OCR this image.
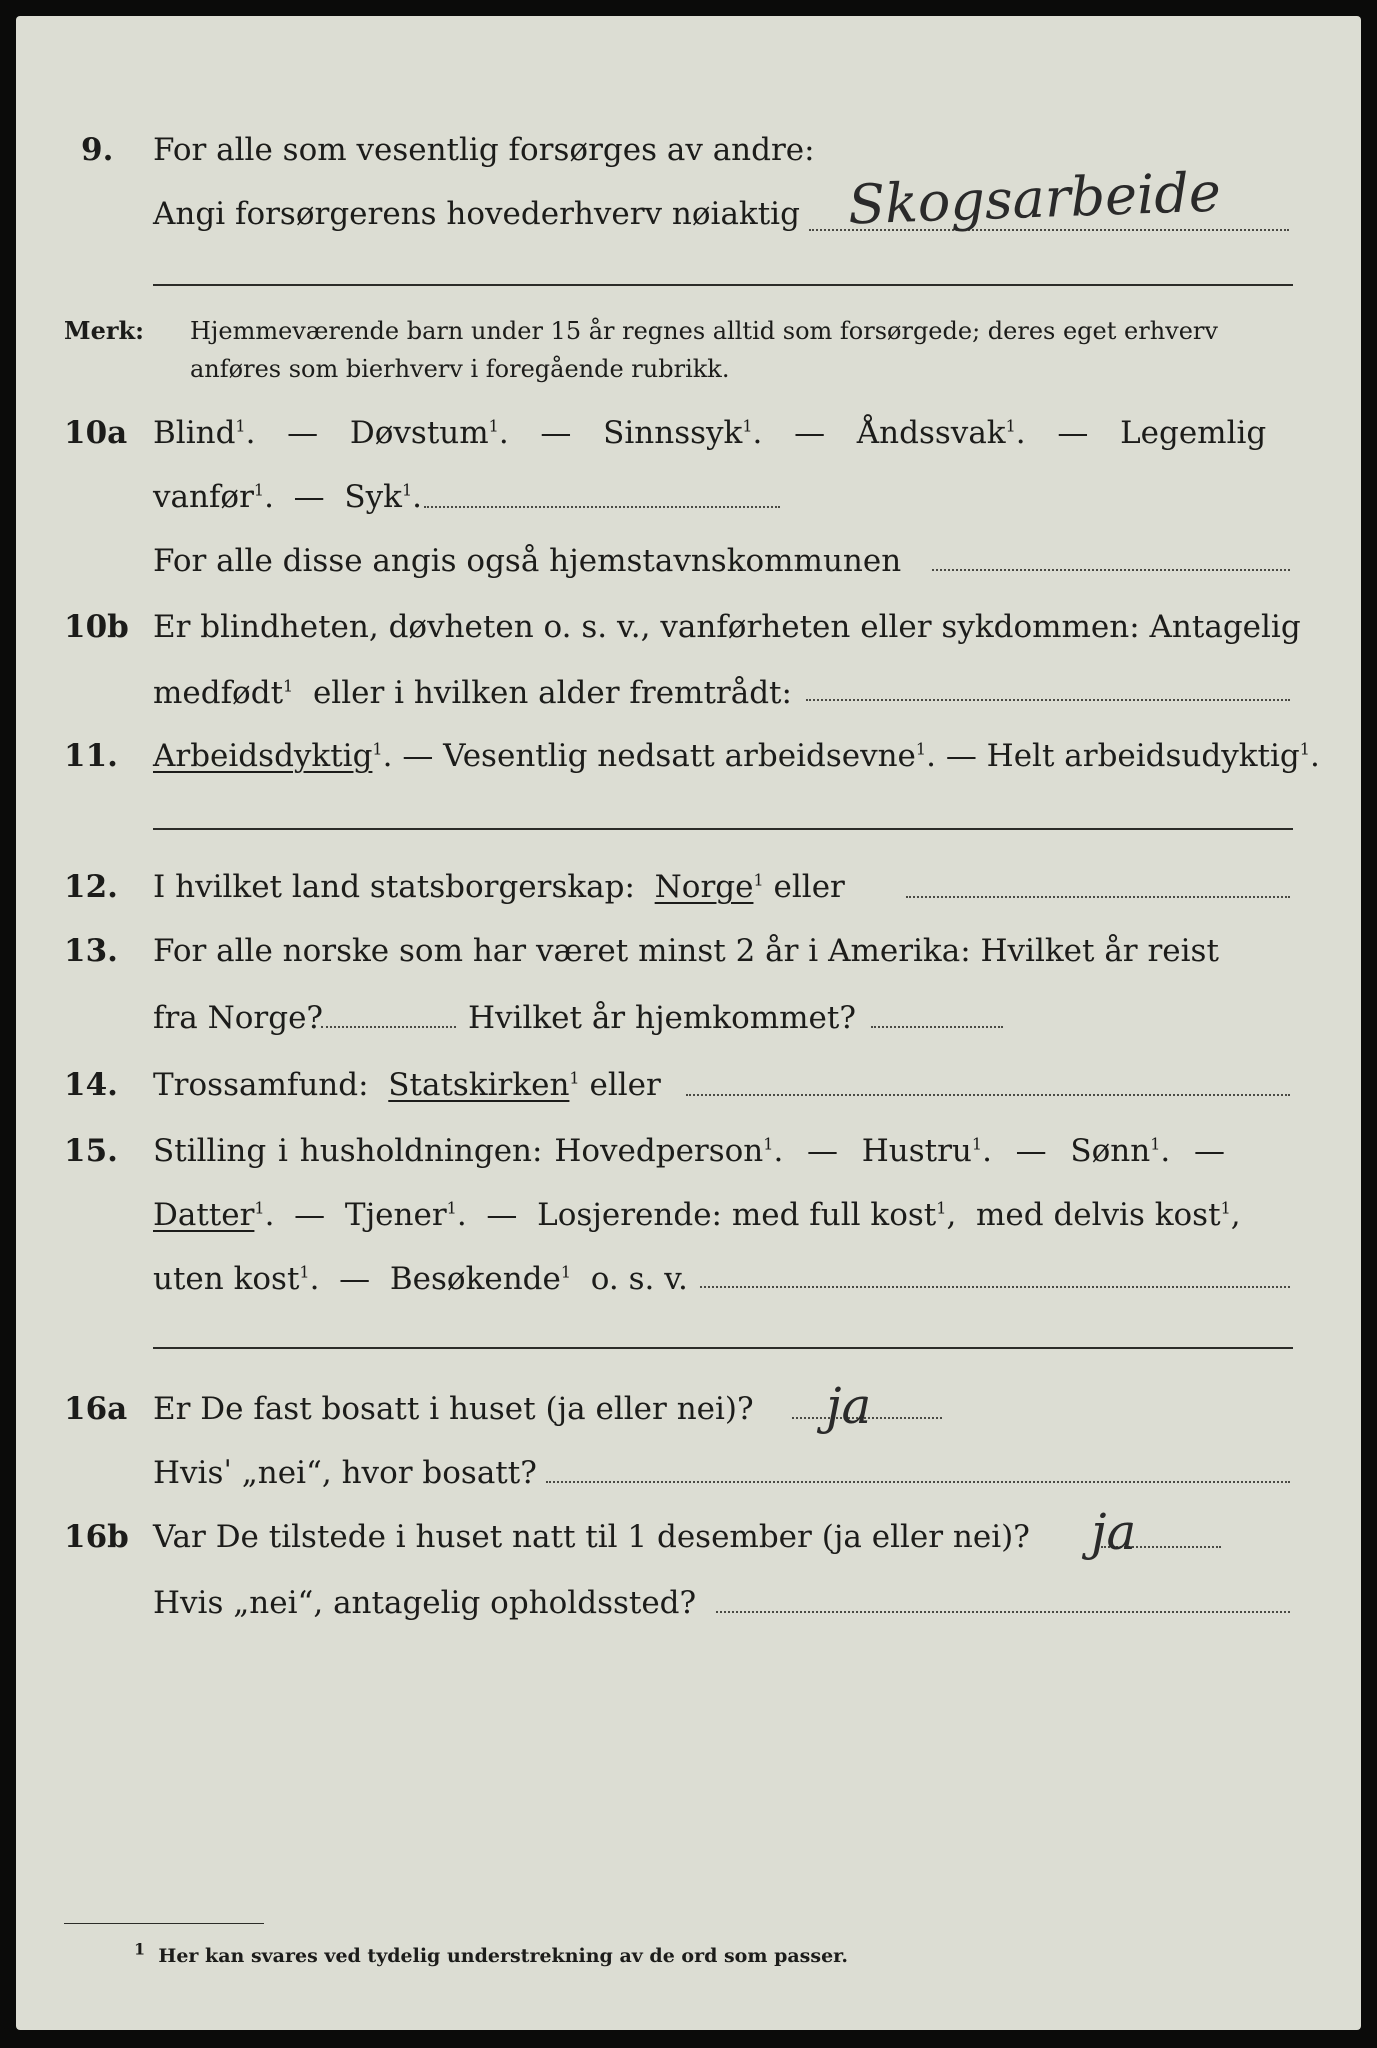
9. For alle som vesentlig forsørges av andre:
Angi forsørgerens hovederhverv nøiaktig Skogsarbeide
Merk: Hjemmeværende barn under 15 år regnes alltid som forsørgede; deres eget erhverv
anføres som bierhverv i foregående rubrikk.
10a Blind$^1$.  —  Døvstum$^1$.  —  Sinnssyk$^1$.  —  Åndssvak$^1$.  —  Legemlig
vanfør$^1$.  —  Syk$^1$.
For alle disse angis også hjemstavnskommunen
10b Er blindheten, døvheten o. s. v., vanførheten eller sykdommen: Antagelig
medfødt$^1$ eller i hvilken alder fremtrådt:
11. Arbeidsdyktig$^1$. — Vesentlig nedsatt arbeidsevne$^1$. — Helt arbeidsudyktig$^1$.
12. I hvilket land statsborgerskap: Norge$^1$ eller
13. For alle norske som har været minst 2 år i Amerika: Hvilket år reist
fra Norge?	Hvilket år hjemkommet?
14. Trossamfund: Statskirken$^1$ eller
15. Stilling i husholdningen: Hovedperson$^1$.  —  Hustru$^1$.  —  Sønn$^1$.  —
Datter$^1$.  —  Tjener$^1$.  —  Losjerende: med full kost$^1$,  med delvis kost$^1$,
uten kost$^1$.  —  Besøkende$^1$ o. s. v.
16a Er De fast bosatt i huset (ja eller nei)? ja
Hvisˈ „nei“, hvor bosatt?
16b Var De tilstede i huset natt til 1 desember (ja eller nei)? ja
Hvis „nei“, antagelig opholdssted?
$^1$ Her kan svares ved tydelig understrekning av de ord som passer.
